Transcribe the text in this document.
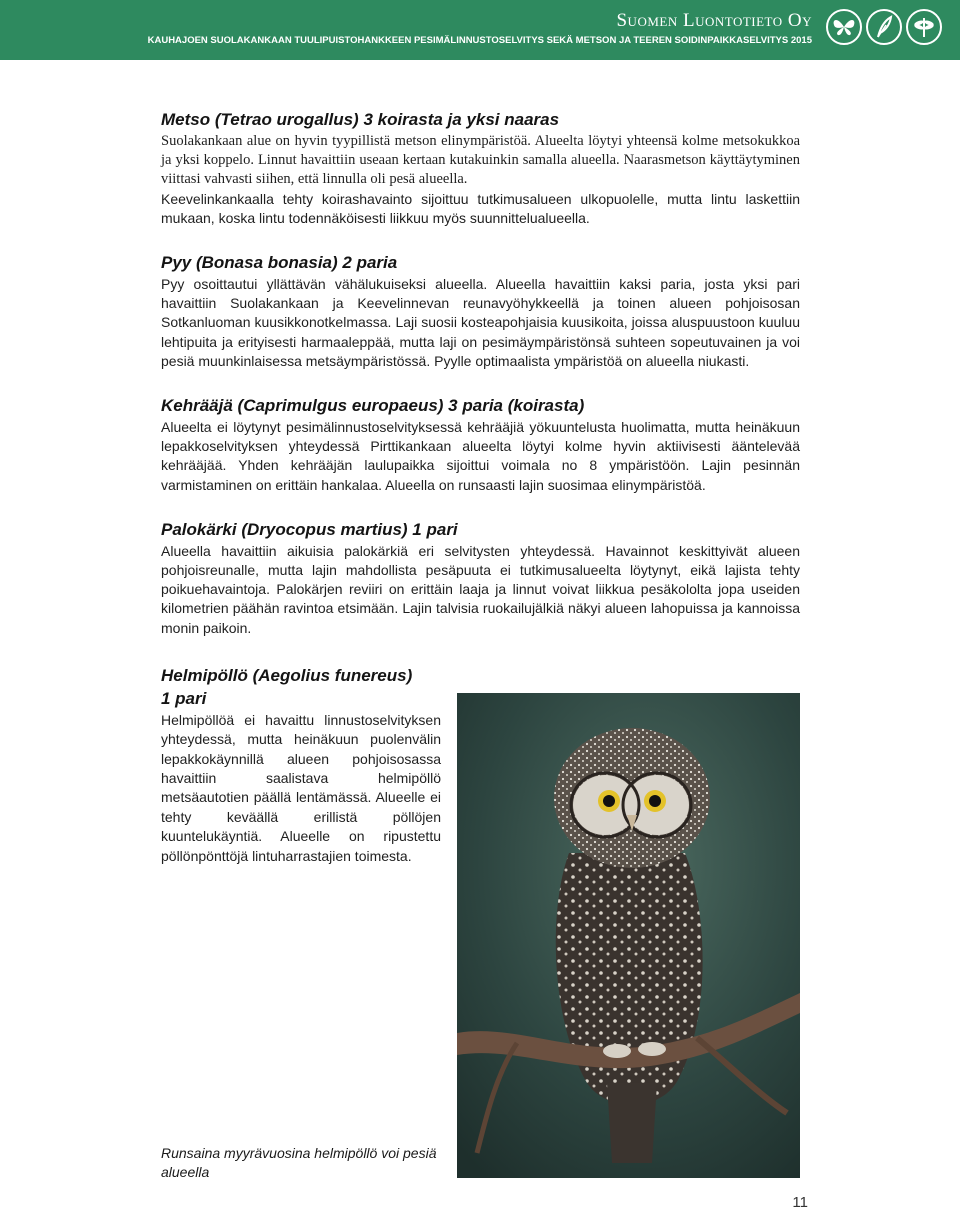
Suomen Luontotieto Oy
KAUHAJOEN SUOLAKANKAAN TUULIPUISTOHANKKEEN PESIMÄLINNUSTOSELVITYS SEKÄ METSON JA TEEREN SOIDINPAIKKASELVITYS 2015
Metso (Tetrao urogallus) 3 koirasta ja yksi naaras

Suolakankaan alue on hyvin tyypillistä metson elinympäristöä. Alueelta löytyi yhteensä kolme metsokukkoa ja yksi koppelo. Linnut havaittiin useaan kertaan kutakuinkin samalla alueella. Naarasmetson käyttäytyminen viittasi vahvasti siihen, että linnulla oli pesä alueella.

Keevelinkankaalla tehty koirashavainto sijoittuu tutkimusalueen ulkopuolelle, mutta lintu laskettiin mukaan, koska lintu todennäköisesti liikkuu myös suunnittelualueella.

Pyy (Bonasa bonasia) 2 paria

Pyy osoittautui yllättävän vähälukuiseksi alueella. Alueella havaittiin kaksi paria, josta yksi pari havaittiin Suolakankaan ja Keevelinnevan reunavyöhykkeellä ja toinen alueen pohjoisosan Sotkanluoman kuusikkonotkelmassa. Laji suosii kosteapohjaisia kuusikoita, joissa aluspuustoon kuuluu lehtipuita ja erityisesti harmaaleppää, mutta laji on pesimäympäristönsä suhteen sopeutuvainen ja voi pesiä muunkinlaisessa metsäympäristössä. Pyylle optimaalista ympäristöä on alueella niukasti.

Kehrääjä (Caprimulgus europaeus) 3 paria (koirasta)

Alueelta ei löytynyt pesimälinnustoselvityksessä kehrääjiä yökuuntelusta huolimatta, mutta heinäkuun lepakkoselvityksen yhteydessä Pirttikankaan alueelta löytyi kolme hyvin aktiivisesti ääntelevää kehrääjää. Yhden kehrääjän laulupaikka sijoittui voimala no 8 ympäristöön. Lajin pesinnän varmistaminen on erittäin hankalaa. Alueella on runsaasti lajin suosimaa elinympäristöä.

Palokärki (Dryocopus martius) 1 pari

Alueella havaittiin aikuisia palokärkiä eri selvitysten yhteydessä. Havainnot keskittyivät alueen pohjoisreunalle, mutta lajin mahdollista pesäpuuta ei tutkimusalueelta löytynyt, eikä lajista tehty poikuehavaintoja. Palokärjen reviiri on erittäin laaja ja linnut voivat liikkua pesäkololta jopa useiden kilometrien päähän ravintoa etsimään. Lajin talvisia ruokailujälkiä näkyi alueen lahopuissa ja kannoissa monin paikoin.

Helmipöllö (Aegolius funereus)
1 pari

Helmipöllöä ei havaittu linnustoselvityksen yhteydessä, mutta heinäkuun puolenvälin lepakkokäynnillä alueen pohjoisosassa havaittiin saalistava helmipöllö metsäautotien päällä lentämässä. Alueelle ei tehty keväällä erillistä pöllöjen kuuntelukäyntiä. Alueelle on ripustettu pöllönpönttöjä lintuharrastajien toimesta.

Runsaina myyrävuosina helmipöllö voi pesiä alueella
11
